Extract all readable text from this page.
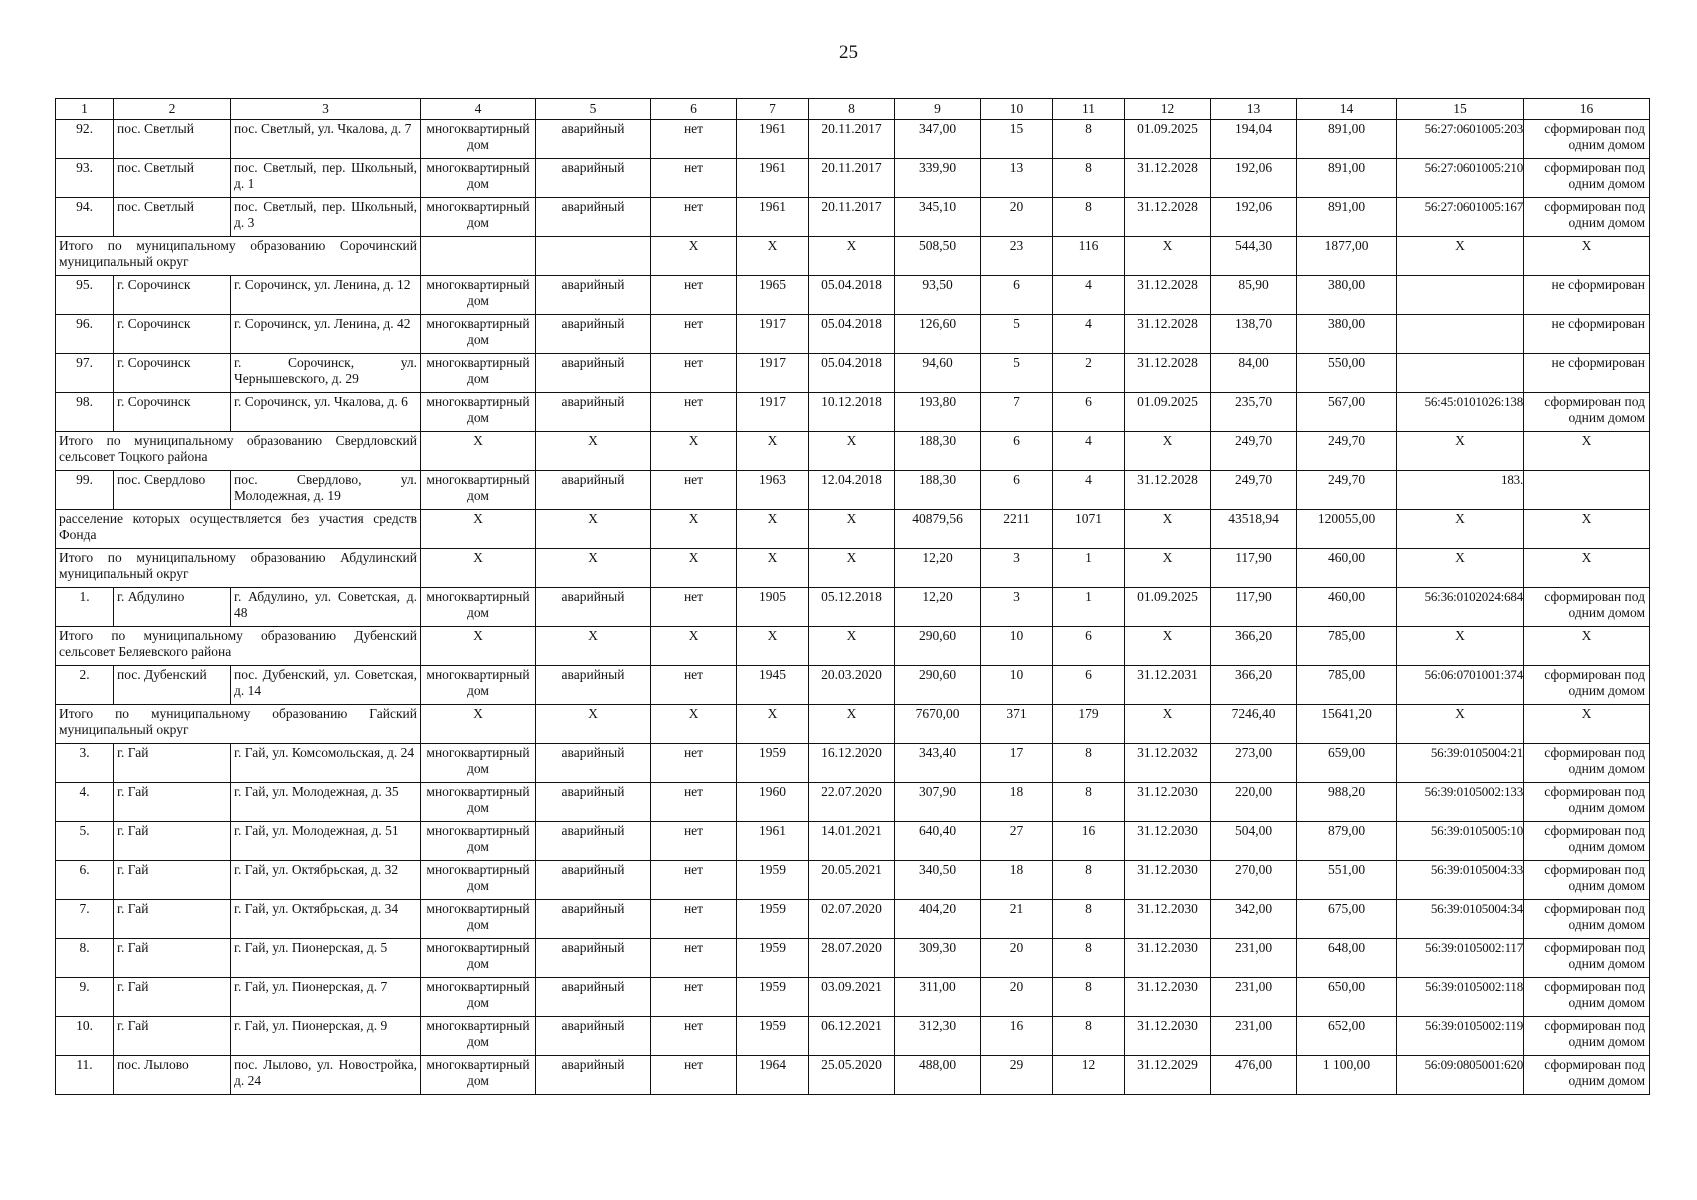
25
1	2	3	4	5	6	7	8	9	10	11	12	13	14	15	16
92.	пос. Светлый	пос. Светлый, ул. Чкалова, д. 7	многоквартирный дом	аварийный	нет	1961	20.11.2017	347,00	15	8	01.09.2025	194,04	891,00	56:27:0601005:203	сформирован под одним домом
93.	пос. Светлый	пос. Светлый, пер. Школьный, д. 1	многоквартирный дом	аварийный	нет	1961	20.11.2017	339,90	13	8	31.12.2028	192,06	891,00	56:27:0601005:210	сформирован под одним домом
94.	пос. Светлый	пос. Светлый, пер. Школьный, д. 3	многоквартирный дом	аварийный	нет	1961	20.11.2017	345,10	20	8	31.12.2028	192,06	891,00	56:27:0601005:167	сформирован под одним домом
Итого по муниципальному образованию Сорочинский муниципальный округ					X	X	X	508,50	23	116	X	544,30	1877,00	X	X
95.	г. Сорочинск	г. Сорочинск, ул. Ленина, д. 12	многоквартирный дом	аварийный	нет	1965	05.04.2018	93,50	6	4	31.12.2028	85,90	380,00		не сформирован
96.	г. Сорочинск	г. Сорочинск, ул. Ленина, д. 42	многоквартирный дом	аварийный	нет	1917	05.04.2018	126,60	5	4	31.12.2028	138,70	380,00		не сформирован
97.	г. Сорочинск	г. Сорочинск, ул. Чернышевского, д. 29	многоквартирный дом	аварийный	нет	1917	05.04.2018	94,60	5	2	31.12.2028	84,00	550,00		не сформирован
98.	г. Сорочинск	г. Сорочинск, ул. Чкалова, д. 6	многоквартирный дом	аварийный	нет	1917	10.12.2018	193,80	7	6	01.09.2025	235,70	567,00	56:45:0101026:138	сформирован под одним домом
Итого по муниципальному образованию Свердловский сельсовет Тоцкого района			X	X	X	X	X	188,30	6	4	X	249,70	249,70	X	X
99.	пос. Свердлово	пос. Свердлово, ул. Молодежная, д. 19	многоквартирный дом	аварийный	нет	1963	12.04.2018	188,30	6	4	31.12.2028	249,70	249,70	183.	
расселение которых осуществляется без участия средств Фонда			X	X	X	X	X	40879,56	2211	1071	X	43518,94	120055,00	X	X
Итого по муниципальному образованию Абдулинский муниципальный округ			X	X	X	X	X	12,20	3	1	X	117,90	460,00	X	X
1.	г. Абдулино	г. Абдулино, ул. Советская, д. 48	многоквартирный дом	аварийный	нет	1905	05.12.2018	12,20	3	1	01.09.2025	117,90	460,00	56:36:0102024:684	сформирован под одним домом
Итого по муниципальному образованию Дубенский сельсовет Беляевского района			X	X	X	X	X	290,60	10	6	X	366,20	785,00	X	X
2.	пос. Дубенский	пос. Дубенский, ул. Советская, д. 14	многоквартирный дом	аварийный	нет	1945	20.03.2020	290,60	10	6	31.12.2031	366,20	785,00	56:06:0701001:374	сформирован под одним домом
Итого по муниципальному образованию Гайский муниципальный округ			X	X	X	X	X	7670,00	371	179	X	7246,40	15641,20	X	X
3.	г. Гай	г. Гай, ул. Комсомольская, д. 24	многоквартирный дом	аварийный	нет	1959	16.12.2020	343,40	17	8	31.12.2032	273,00	659,00	56:39:0105004:21	сформирован под одним домом
4.	г. Гай	г. Гай, ул. Молодежная, д. 35	многоквартирный дом	аварийный	нет	1960	22.07.2020	307,90	18	8	31.12.2030	220,00	988,20	56:39:0105002:133	сформирован под одним домом
5.	г. Гай	г. Гай, ул. Молодежная, д. 51	многоквартирный дом	аварийный	нет	1961	14.01.2021	640,40	27	16	31.12.2030	504,00	879,00	56:39:0105005:10	сформирован под одним домом
6.	г. Гай	г. Гай, ул. Октябрьская, д. 32	многоквартирный дом	аварийный	нет	1959	20.05.2021	340,50	18	8	31.12.2030	270,00	551,00	56:39:0105004:33	сформирован под одним домом
7.	г. Гай	г. Гай, ул. Октябрьская, д. 34	многоквартирный дом	аварийный	нет	1959	02.07.2020	404,20	21	8	31.12.2030	342,00	675,00	56:39:0105004:34	сформирован под одним домом
8.	г. Гай	г. Гай, ул. Пионерская, д. 5	многоквартирный дом	аварийный	нет	1959	28.07.2020	309,30	20	8	31.12.2030	231,00	648,00	56:39:0105002:117	сформирован под одним домом
9.	г. Гай	г. Гай, ул. Пионерская, д. 7	многоквартирный дом	аварийный	нет	1959	03.09.2021	311,00	20	8	31.12.2030	231,00	650,00	56:39:0105002:118	сформирован под одним домом
10.	г. Гай	г. Гай, ул. Пионерская, д. 9	многоквартирный дом	аварийный	нет	1959	06.12.2021	312,30	16	8	31.12.2030	231,00	652,00	56:39:0105002:119	сформирован под одним домом
11.	пос. Лылово	пос. Лылово, ул. Новостройка, д. 24	многоквартирный дом	аварийный	нет	1964	25.05.2020	488,00	29	12	31.12.2029	476,00	1 100,00	56:09:0805001:620	сформирован под одним домом
